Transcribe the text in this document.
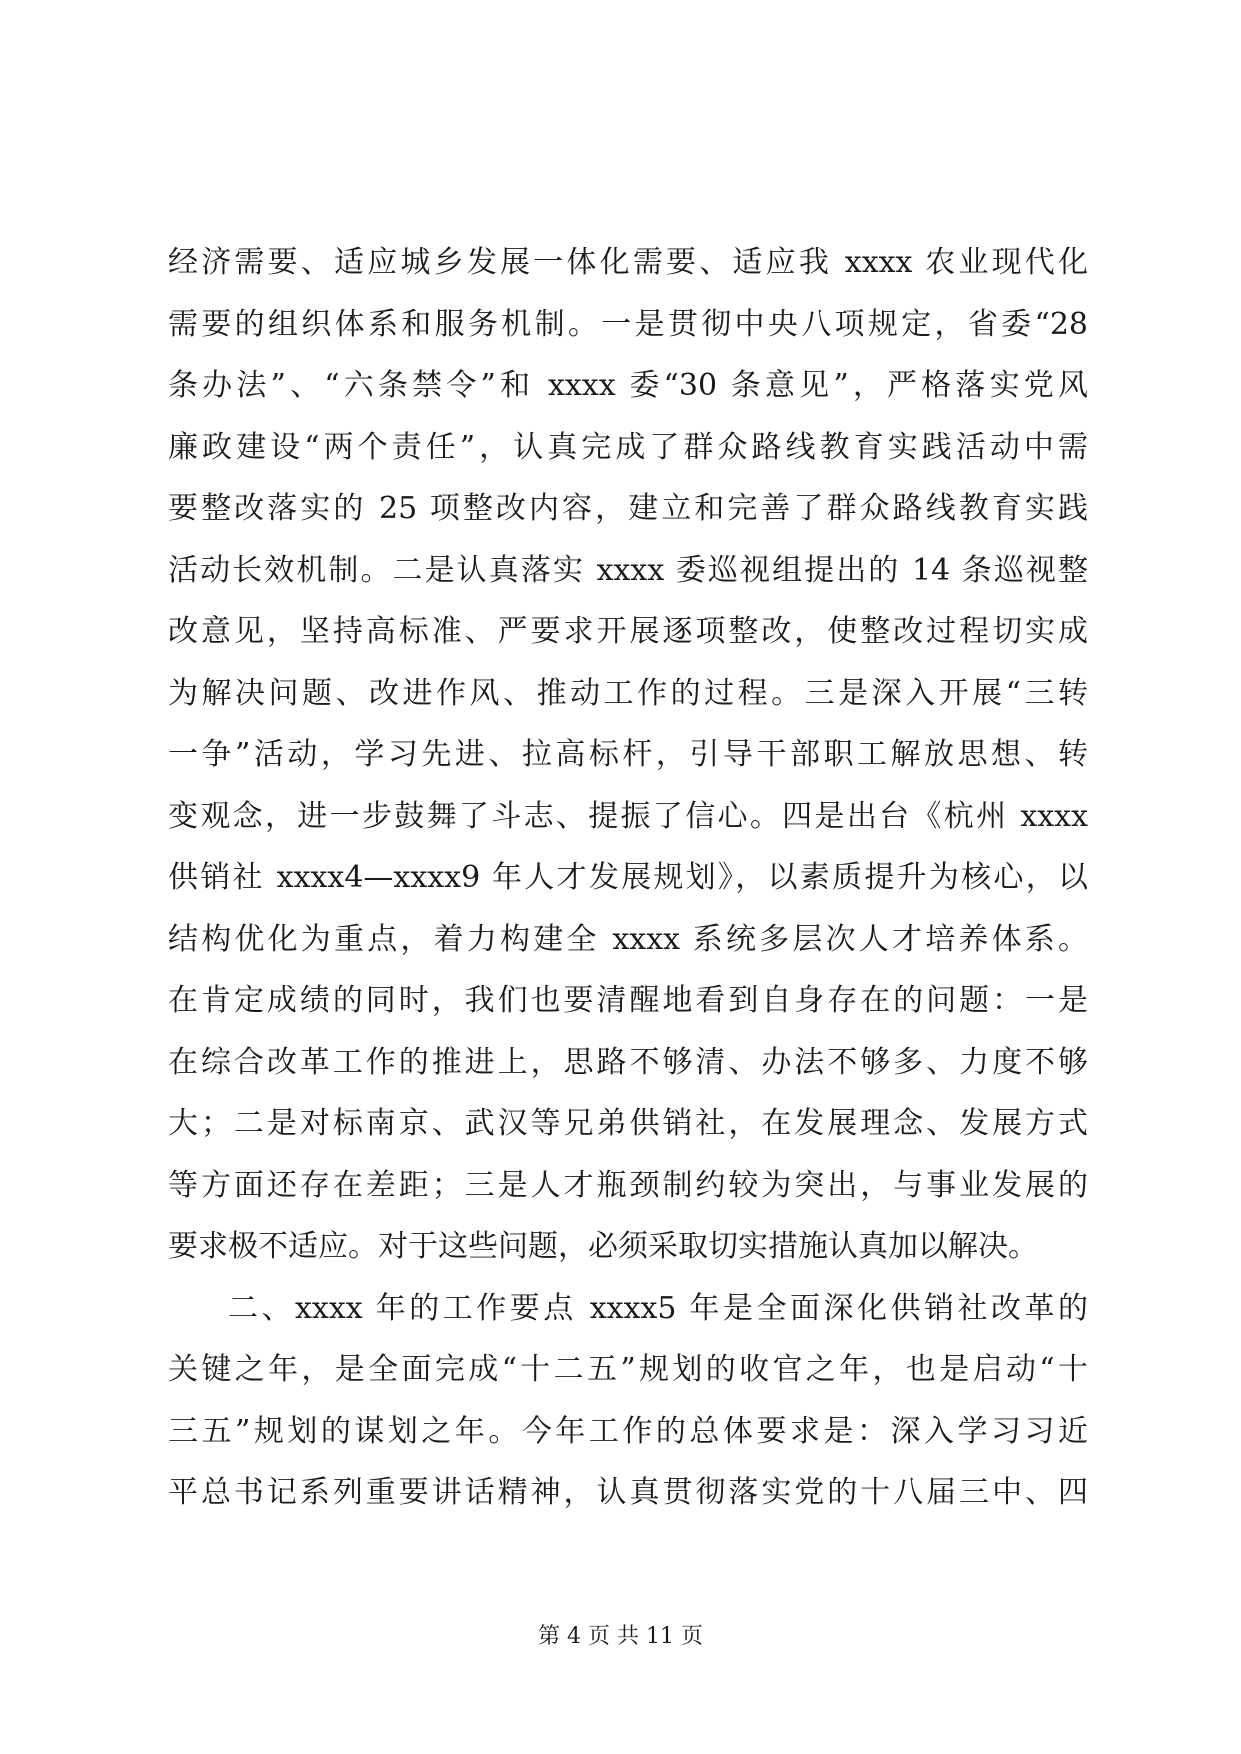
经济需要、适应城乡发展一体化需要、适应我 xxxx 农业现代化
需要的组织体系和服务机制。一是贯彻中央八项规定，省委“28
条办法”、“六条禁令”和 xxxx 委“30 条意见”，严格落实党风
廉政建设“两个责任”，认真完成了群众路线教育实践活动中需
要整改落实的 25 项整改内容，建立和完善了群众路线教育实践
活动长效机制。二是认真落实 xxxx 委巡视组提出的 14 条巡视整
改意见，坚持高标准、严要求开展逐项整改，使整改过程切实成
为解决问题、改进作风、推动工作的过程。三是深入开展“三转
一争”活动，学习先进、拉高标杆，引导干部职工解放思想、转
变观念，进一步鼓舞了斗志、提振了信心。四是出台《杭州 xxxx
供销社 xxxx4—xxxx9 年人才发展规划》，以素质提升为核心，以
结构优化为重点，着力构建全 xxxx 系统多层次人才培养体系。
在肯定成绩的同时，我们也要清醒地看到自身存在的问题：一是
在综合改革工作的推进上，思路不够清、办法不够多、力度不够
大；二是对标南京、武汉等兄弟供销社，在发展理念、发展方式
等方面还存在差距；三是人才瓶颈制约较为突出，与事业发展的
要求极不适应。对于这些问题，必须采取切实措施认真加以解决。
二、xxxx 年的工作要点 xxxx5 年是全面深化供销社改革的
关键之年，是全面完成“十二五”规划的收官之年，也是启动“十
三五”规划的谋划之年。今年工作的总体要求是：深入学习习近
平总书记系列重要讲话精神，认真贯彻落实党的十八届三中、四
第 4 页 共 11 页
